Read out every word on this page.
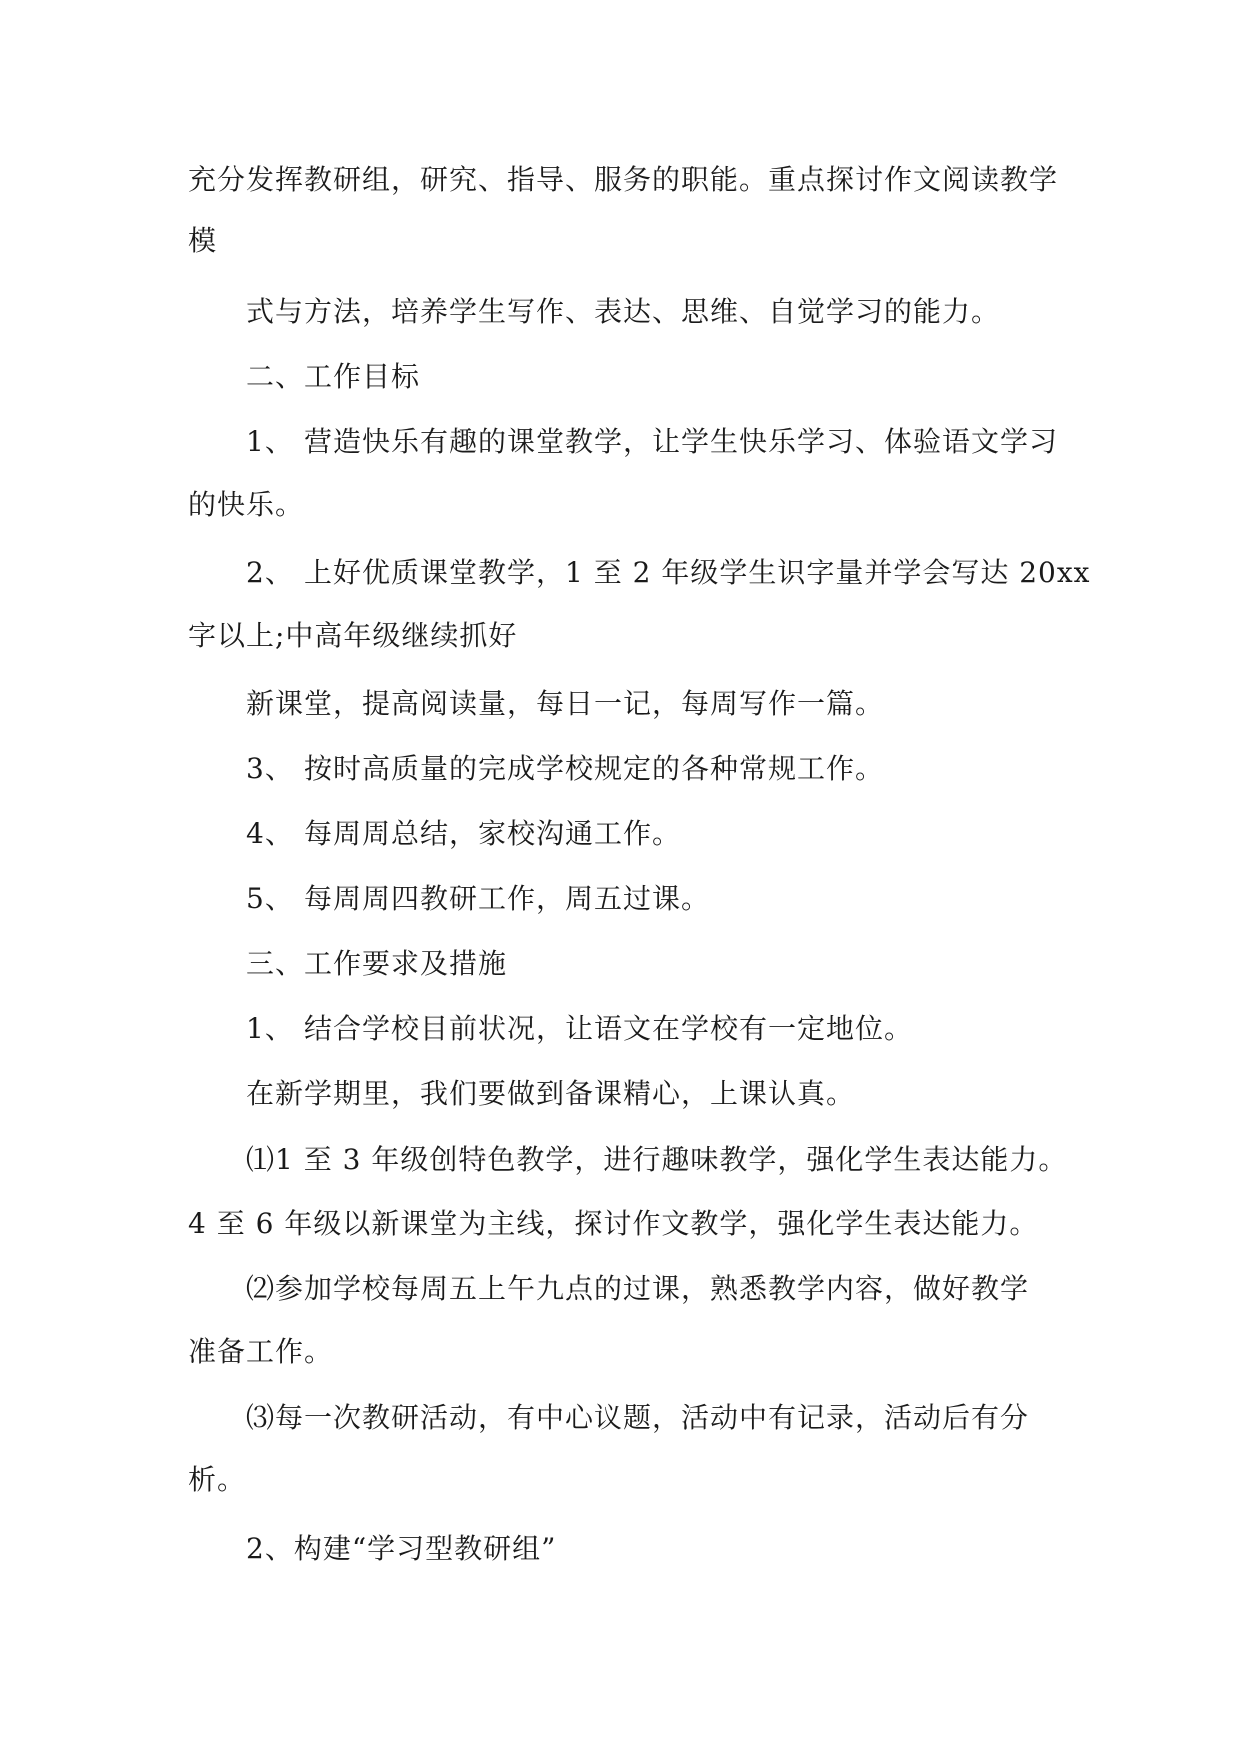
充分发挥教研组，研究、指导、服务的职能。重点探讨作文阅读教学
模
式与方法，培养学生写作、表达、思维、自觉学习的能力。
二、工作目标
1、 营造快乐有趣的课堂教学，让学生快乐学习、体验语文学习
的快乐。
2、 上好优质课堂教学，1 至 2 年级学生识字量并学会写达 20xx
字以上;中高年级继续抓好
新课堂，提高阅读量，每日一记，每周写作一篇。
3、 按时高质量的完成学校规定的各种常规工作。
4、 每周周总结，家校沟通工作。
5、 每周周四教研工作，周五过课。
三、工作要求及措施
1、 结合学校目前状况，让语文在学校有一定地位。
在新学期里，我们要做到备课精心，上课认真。
⑴1 至 3 年级创特色教学，进行趣味教学，强化学生表达能力。
4 至 6 年级以新课堂为主线，探讨作文教学，强化学生表达能力。
⑵参加学校每周五上午九点的过课，熟悉教学内容，做好教学
准备工作。
⑶每一次教研活动，有中心议题，活动中有记录，活动后有分
析。
2、构建“学习型教研组”
